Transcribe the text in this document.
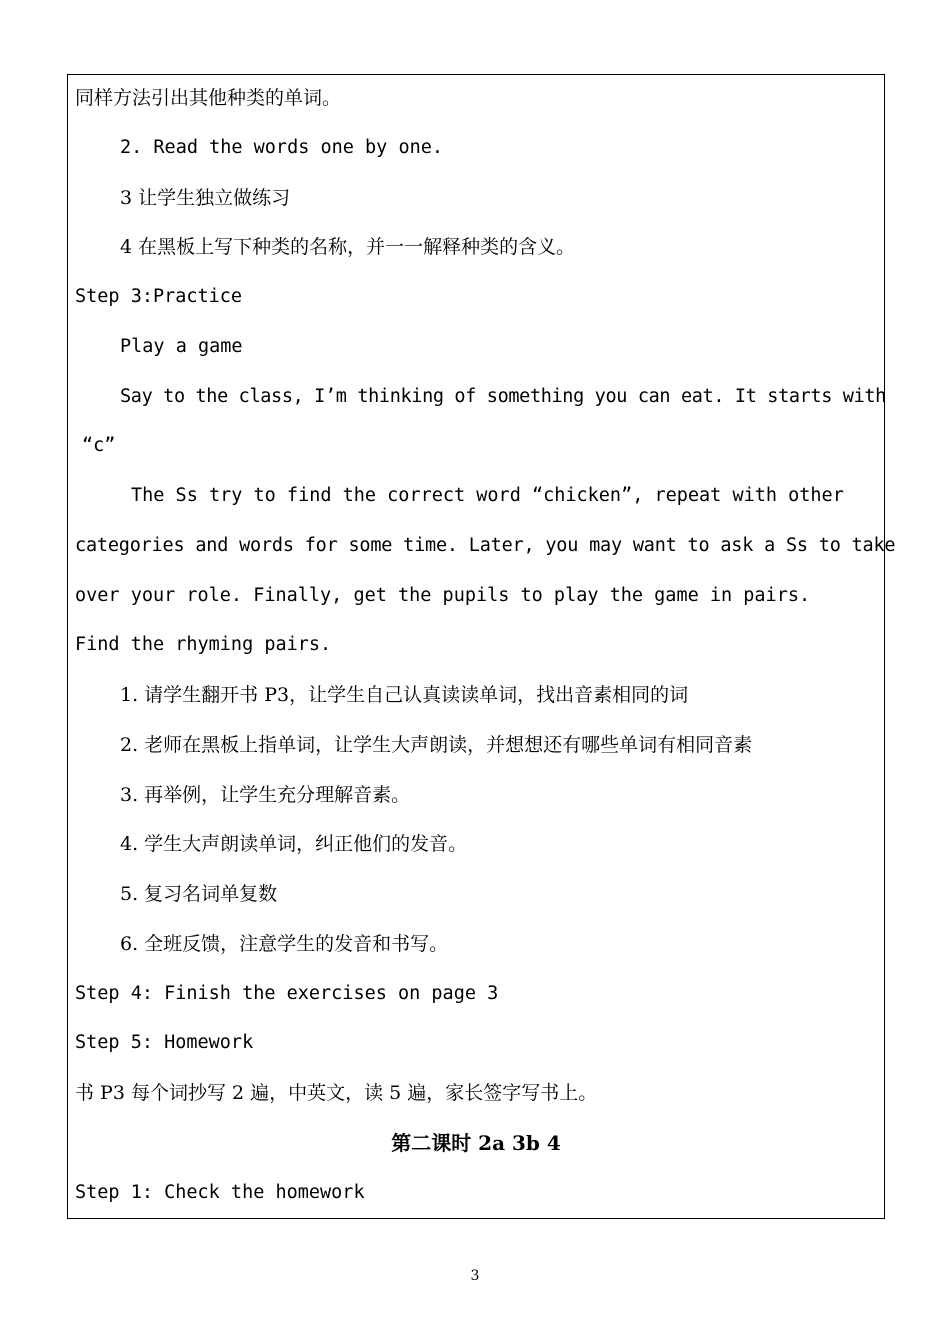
同样方法引出其他种类的单词。
2. Read the words one by one.
3 让学生独立做练习
4 在黑板上写下种类的名称，并一一解释种类的含义。
Step 3:Practice
Play a game
Say to the class, I’m thinking of something you can eat. It starts with
“c”
The Ss try to find the correct word “chicken”, repeat with other
categories and words for some time. Later, you may want to ask a Ss to take
over your role. Finally, get the pupils to play the game in pairs.
Find the rhyming pairs.
1. 请学生翻开书 P3，让学生自己认真读读单词，找出音素相同的词
2. 老师在黑板上指单词，让学生大声朗读，并想想还有哪些单词有相同音素
3. 再举例，让学生充分理解音素。
4. 学生大声朗读单词，纠正他们的发音。
5. 复习名词单复数
6. 全班反馈，注意学生的发音和书写。
Step 4: Finish the exercises on page 3
Step 5: Homework
书 P3 每个词抄写 2 遍，中英文，读 5 遍，家长签字写书上。
第二课时 2a 3b 4
Step 1: Check the homework
3
